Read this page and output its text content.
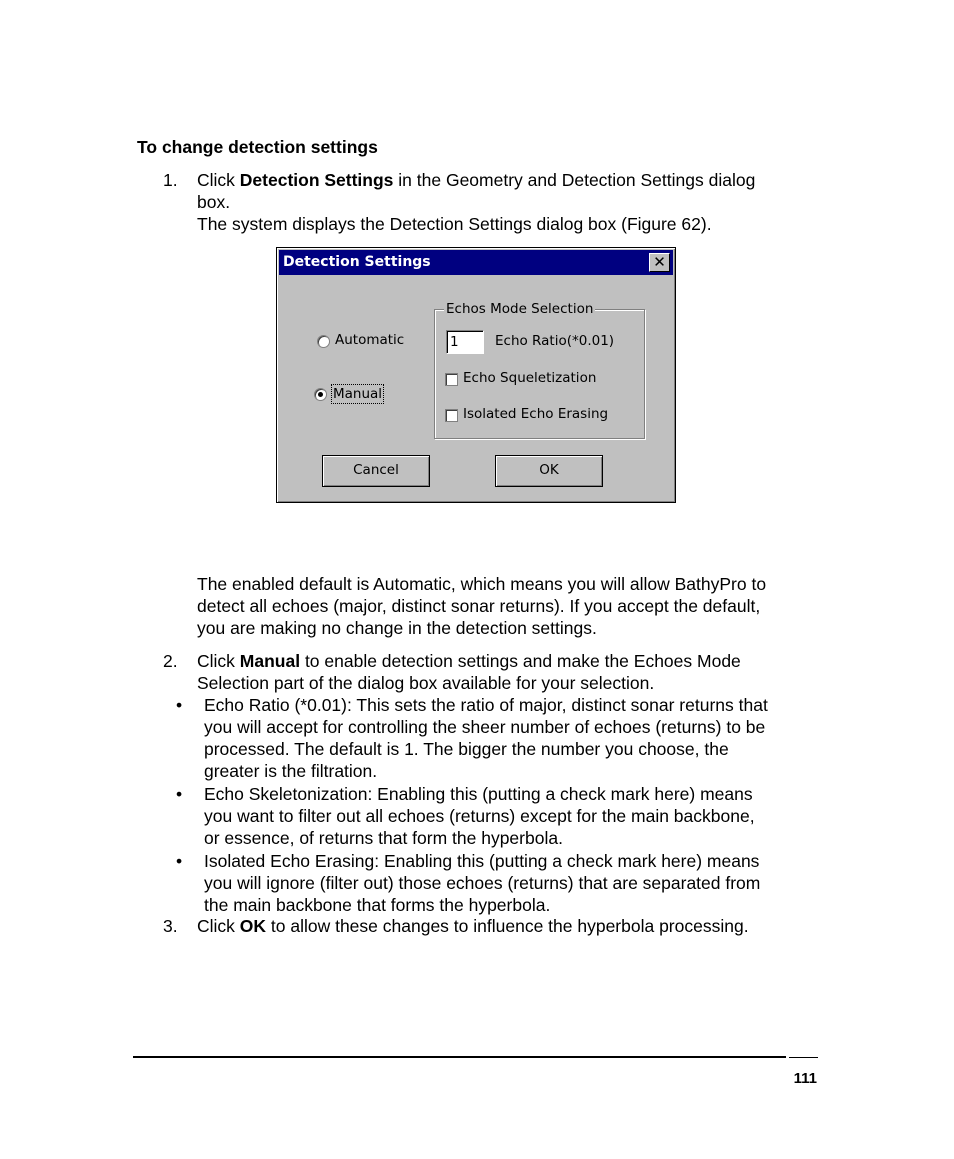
To change detection settings
1.	Click Detection Settings in the Geometry and Detection Settings dialog
box.
The system displays the Detection Settings dialog box (Figure 62).
Detection Settings	✕
Automatic
Manual
Echos Mode Selection
1	Echo Ratio(*0.01)
Echo Squeletization
Isolated Echo Erasing
Cancel	OK
The enabled default is Automatic, which means you will allow BathyPro to
detect all echoes (major, distinct sonar returns). If you accept the default,
you are making no change in the detection settings.
2.	Click Manual to enable detection settings and make the Echoes Mode
Selection part of the dialog box available for your selection.
• Echo Ratio (*0.01): This sets the ratio of major, distinct sonar returns that
you will accept for controlling the sheer number of echoes (returns) to be
processed. The default is 1. The bigger the number you choose, the
greater is the filtration.
• Echo Skeletonization: Enabling this (putting a check mark here) means
you want to filter out all echoes (returns) except for the main backbone,
or essence, of returns that form the hyperbola.
• Isolated Echo Erasing: Enabling this (putting a check mark here) means
you will ignore (filter out) those echoes (returns) that are separated from
the main backbone that forms the hyperbola.
3.	Click OK to allow these changes to influence the hyperbola processing.
111
